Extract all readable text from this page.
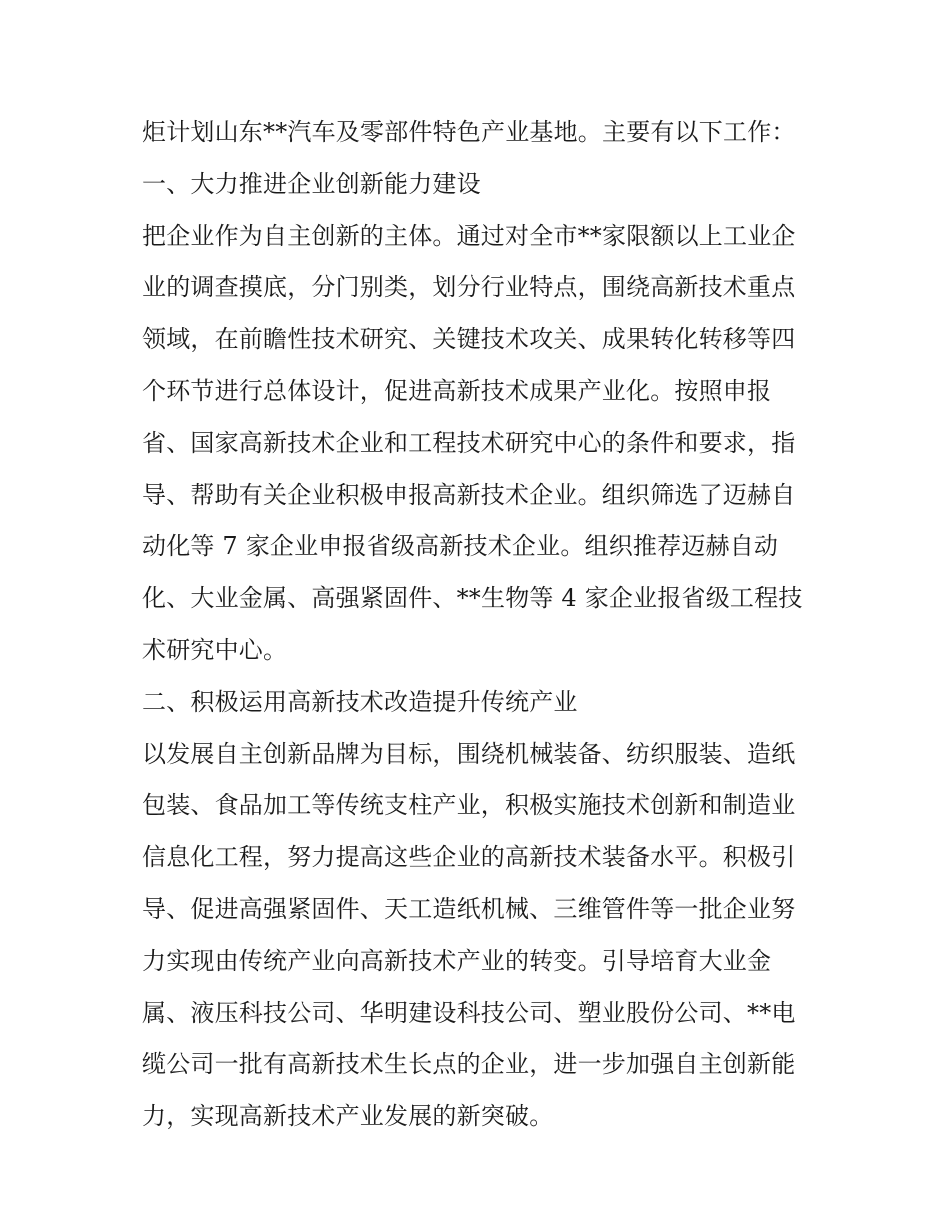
炬计划山东**汽车及零部件特色产业基地。主要有以下工作：
一、大力推进企业创新能力建设
把企业作为自主创新的主体。通过对全市**家限额以上工业企
业的调查摸底，分门别类，划分行业特点，围绕高新技术重点
领域，在前瞻性技术研究、关键技术攻关、成果转化转移等四
个环节进行总体设计，促进高新技术成果产业化。按照申报
省、国家高新技术企业和工程技术研究中心的条件和要求，指
导、帮助有关企业积极申报高新技术企业。组织筛选了迈赫自
动化等 7 家企业申报省级高新技术企业。组织推荐迈赫自动
化、大业金属、高强紧固件、**生物等 4 家企业报省级工程技
术研究中心。
二、积极运用高新技术改造提升传统产业
以发展自主创新品牌为目标，围绕机械装备、纺织服装、造纸
包装、食品加工等传统支柱产业，积极实施技术创新和制造业
信息化工程，努力提高这些企业的高新技术装备水平。积极引
导、促进高强紧固件、天工造纸机械、三维管件等一批企业努
力实现由传统产业向高新技术产业的转变。引导培育大业金
属、液压科技公司、华明建设科技公司、塑业股份公司、**电
缆公司一批有高新技术生长点的企业，进一步加强自主创新能
力，实现高新技术产业发展的新突破。
